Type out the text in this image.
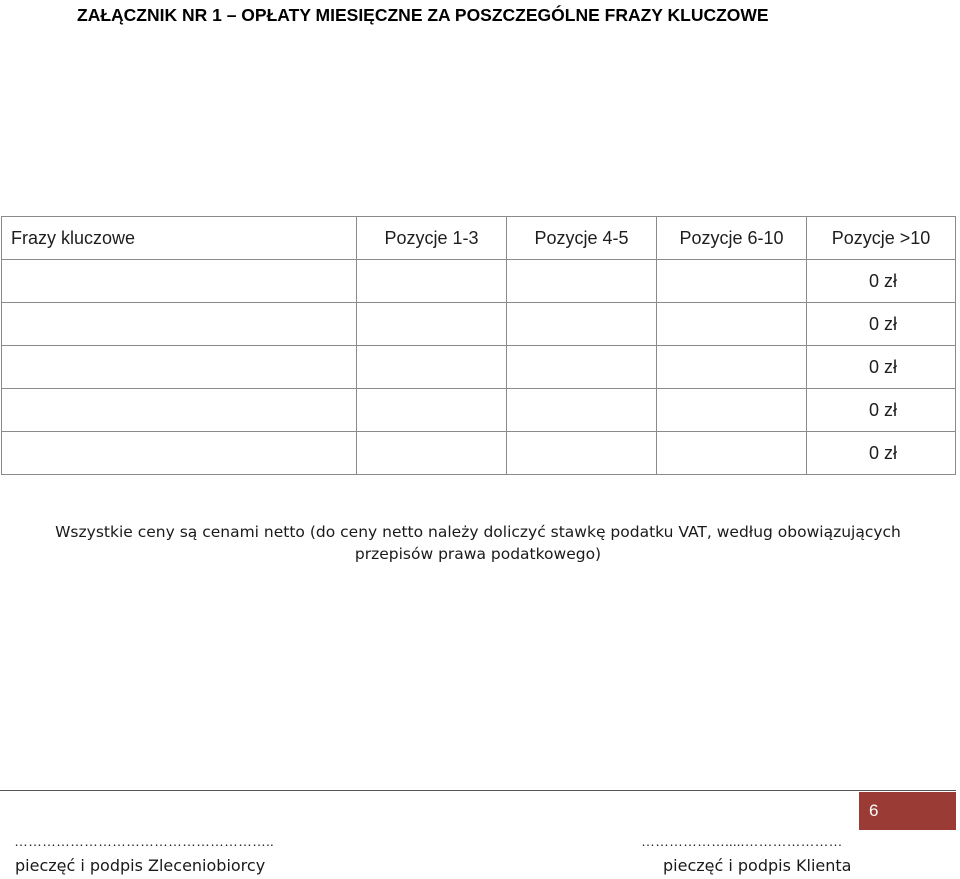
ZAŁĄCZNIK NR 1 – OPŁATY MIESIĘCZNE ZA POSZCZEGÓLNE FRAZY KLUCZOWE
Frazy kluczowe	Pozycje 1-3	Pozycje 4-5	Pozycje 6-10	Pozycje >10
				0 zł
				0 zł
				0 zł
				0 zł
				0 zł
Wszystkie ceny są cenami netto (do ceny netto należy doliczyć stawkę podatku VAT, według obowiązujących
przepisów prawa podatkowego)
6
………………………………………………..
pieczęć i podpis Zleceniobiorcy
……………….....…………………
pieczęć i podpis Klienta
